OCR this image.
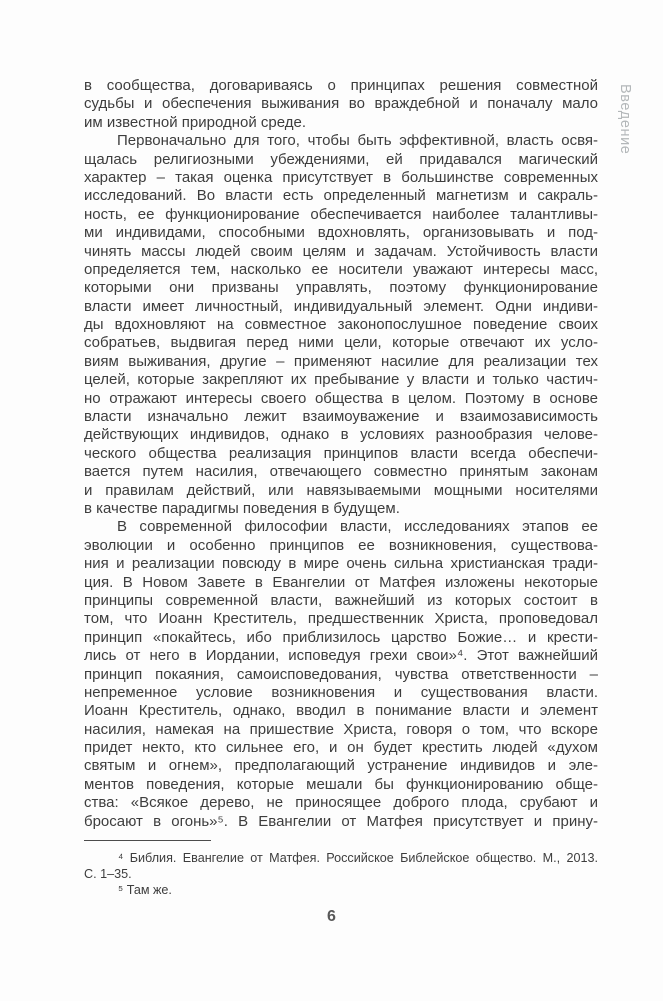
Введение
в сообщества, договариваясь о принципах решения совместной
судьбы и обеспечения выживания во враждебной и поначалу мало
им известной природной среде.
Первоначально для того, чтобы быть эффективной, власть освя-
щалась религиозными убеждениями, ей придавался магический
характер – такая оценка присутствует в большинстве современных
исследований. Во власти есть определенный магнетизм и сакраль-
ность, ее функционирование обеспечивается наиболее талантливы-
ми индивидами, способными вдохновлять, организовывать и под-
чинять массы людей своим целям и задачам. Устойчивость власти
определяется тем, насколько ее носители уважают интересы масс,
которыми они призваны управлять, поэтому функционирование
власти имеет личностный, индивидуальный элемент. Одни индиви-
ды вдохновляют на совместное законопослушное поведение своих
собратьев, выдвигая перед ними цели, которые отвечают их усло-
виям выживания, другие – применяют насилие для реализации тех
целей, которые закрепляют их пребывание у власти и только частич-
но отражают интересы своего общества в целом. Поэтому в основе
власти изначально лежит взаимоуважение и взаимозависимость
действующих индивидов, однако в условиях разнообразия челове-
ческого общества реализация принципов власти всегда обеспечи-
вается путем насилия, отвечающего совместно принятым законам
и правилам действий, или навязываемыми мощными носителями
в качестве парадигмы поведения в будущем.
В современной философии власти, исследованиях этапов ее
эволюции и особенно принципов ее возникновения, существова-
ния и реализации повсюду в мире очень сильна христианская тради-
ция. В Новом Завете в Евангелии от Матфея изложены некоторые
принципы современной власти, важнейший из которых состоит в
том, что Иоанн Креститель, предшественник Христа, проповедовал
принцип «покайтесь, ибо приблизилось царство Божие… и крести-
лись от него в Иордании, исповедуя грехи свои»⁴. Этот важнейший
принцип покаяния, самоисповедования, чувства ответственности –
непременное условие возникновения и существования власти.
Иоанн Креститель, однако, вводил в понимание власти и элемент
насилия, намекая на пришествие Христа, говоря о том, что вскоре
придет некто, кто сильнее его, и он будет крестить людей «духом
святым и огнем», предполагающий устранение индивидов и эле-
ментов поведения, которые мешали бы функционированию обще-
ства: «Всякое дерево, не приносящее доброго плода, срубают и
бросают в огонь»⁵. В Евангелии от Матфея присутствует и прину-
⁴ Библия. Евангелие от Матфея. Российское Библейское общество. М., 2013.
С. 1–35.
⁵ Там же.
6
